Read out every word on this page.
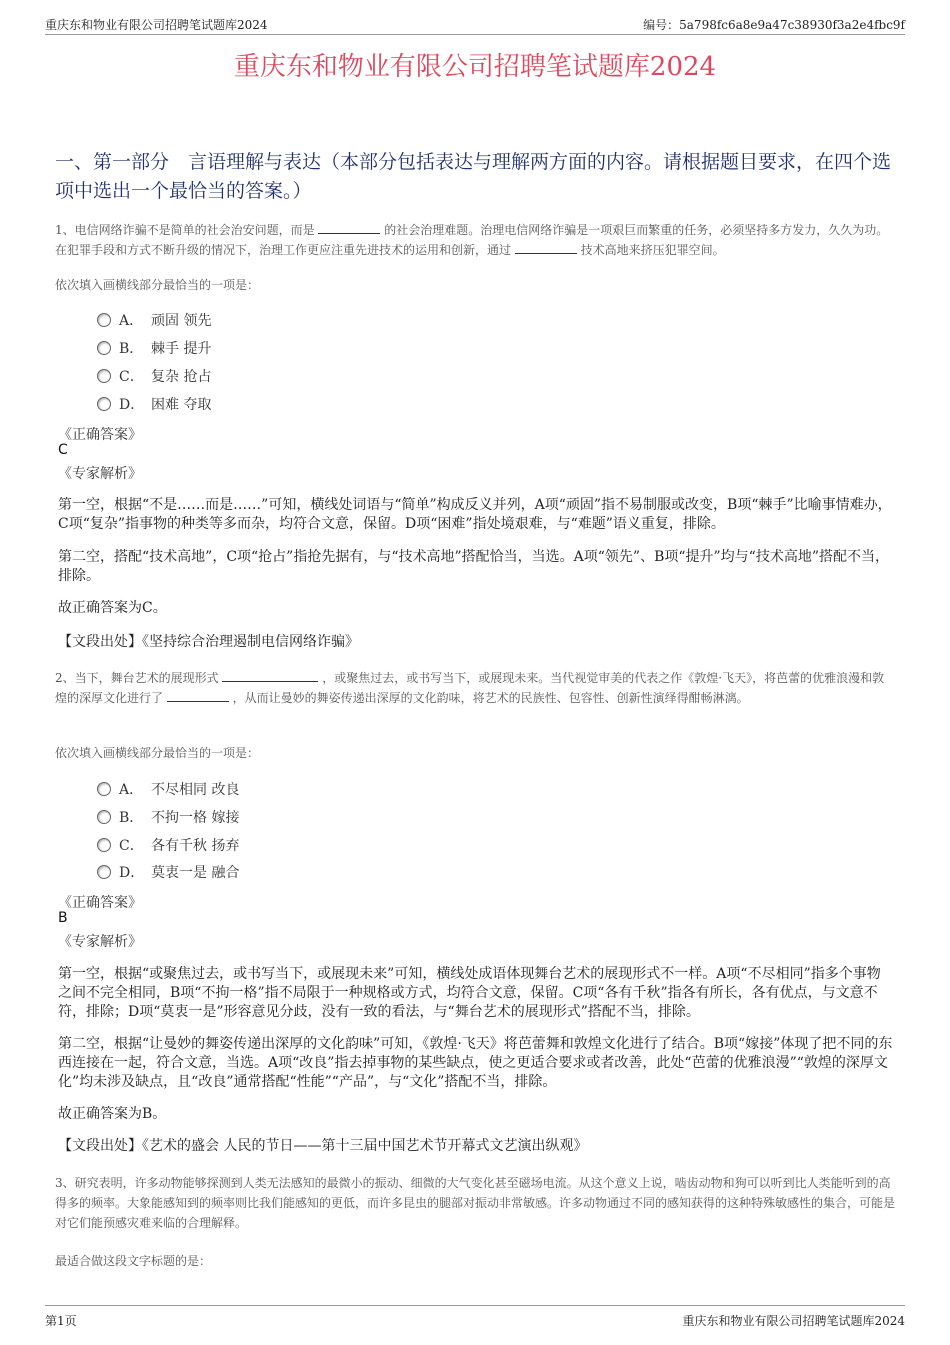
重庆东和物业有限公司招聘笔试题库2024	编号：5a798fc6a8e9a47c38930f3a2e4fbc9f
重庆东和物业有限公司招聘笔试题库2024
一、第一部分　言语理解与表达（本部分包括表达与理解两方面的内容。请根据题目要求，在四个选项中选出一个最恰当的答案。）
1、电信网络诈骗不是简单的社会治安问题，而是	的社会治理难题。治理电信网络诈骗是一项艰巨而繁重的任务，必须坚持多方发力，久久为功。在犯罪手段和方式不断升级的情况下，治理工作更应注重先进技术的运用和创新，通过	技术高地来挤压犯罪空间。
依次填入画横线部分最恰当的一项是：
A． 顽固 领先
B． 棘手 提升
C． 复杂 抢占
D． 困难 夺取
《正确答案》
C
《专家解析》
第一空，根据“不是……而是……”可知，横线处词语与“简单”构成反义并列，A项“顽固”指不易制服或改变，B项“棘手”比喻事情难办，C项“复杂”指事物的种类等多而杂，均符合文意，保留。D项“困难”指处境艰难，与“难题”语义重复，排除。
第二空，搭配“技术高地”，C项“抢占”指抢先据有，与“技术高地”搭配恰当，当选。A项“领先”、B项“提升”均与“技术高地”搭配不当，排除。
故正确答案为C。
【文段出处】《坚持综合治理遏制电信网络诈骗》
2、当下，舞台艺术的展现形式	，或聚焦过去，或书写当下，或展现未来。当代视觉审美的代表之作《敦煌·飞天》，将芭蕾的优雅浪漫和敦煌的深厚文化进行了	，从而让曼妙的舞姿传递出深厚的文化韵味，将艺术的民族性、包容性、创新性演绎得酣畅淋漓。
依次填入画横线部分最恰当的一项是：
A． 不尽相同 改良
B． 不拘一格 嫁接
C． 各有千秋 扬弃
D． 莫衷一是 融合
《正确答案》
B
《专家解析》
第一空，根据“或聚焦过去，或书写当下，或展现未来”可知，横线处成语体现舞台艺术的展现形式不一样。A项“不尽相同”指多个事物之间不完全相同，B项“不拘一格”指不局限于一种规格或方式，均符合文意，保留。C项“各有千秋”指各有所长，各有优点，与文意不符，排除；D项“莫衷一是”形容意见分歧，没有一致的看法，与“舞台艺术的展现形式”搭配不当，排除。
第二空，根据“让曼妙的舞姿传递出深厚的文化韵味”可知，《敦煌·飞天》将芭蕾舞和敦煌文化进行了结合。B项“嫁接”体现了把不同的东西连接在一起，符合文意，当选。A项“改良”指去掉事物的某些缺点，使之更适合要求或者改善，此处“芭蕾的优雅浪漫”“敦煌的深厚文化”均未涉及缺点，且“改良”通常搭配“性能”“产品”，与“文化”搭配不当，排除。
故正确答案为B。
【文段出处】《艺术的盛会 人民的节日——第十三届中国艺术节开幕式文艺演出纵观》
3、研究表明，许多动物能够探测到人类无法感知的最微小的振动、细微的大气变化甚至磁场电流。从这个意义上说，啮齿动物和狗可以听到比人类能听到的高得多的频率。大象能感知到的频率则比我们能感知的更低，而许多昆虫的腿部对振动非常敏感。许多动物通过不同的感知获得的这种特殊敏感性的集合，可能是对它们能预感灾难来临的合理解释。
最适合做这段文字标题的是：
第1页	重庆东和物业有限公司招聘笔试题库2024
